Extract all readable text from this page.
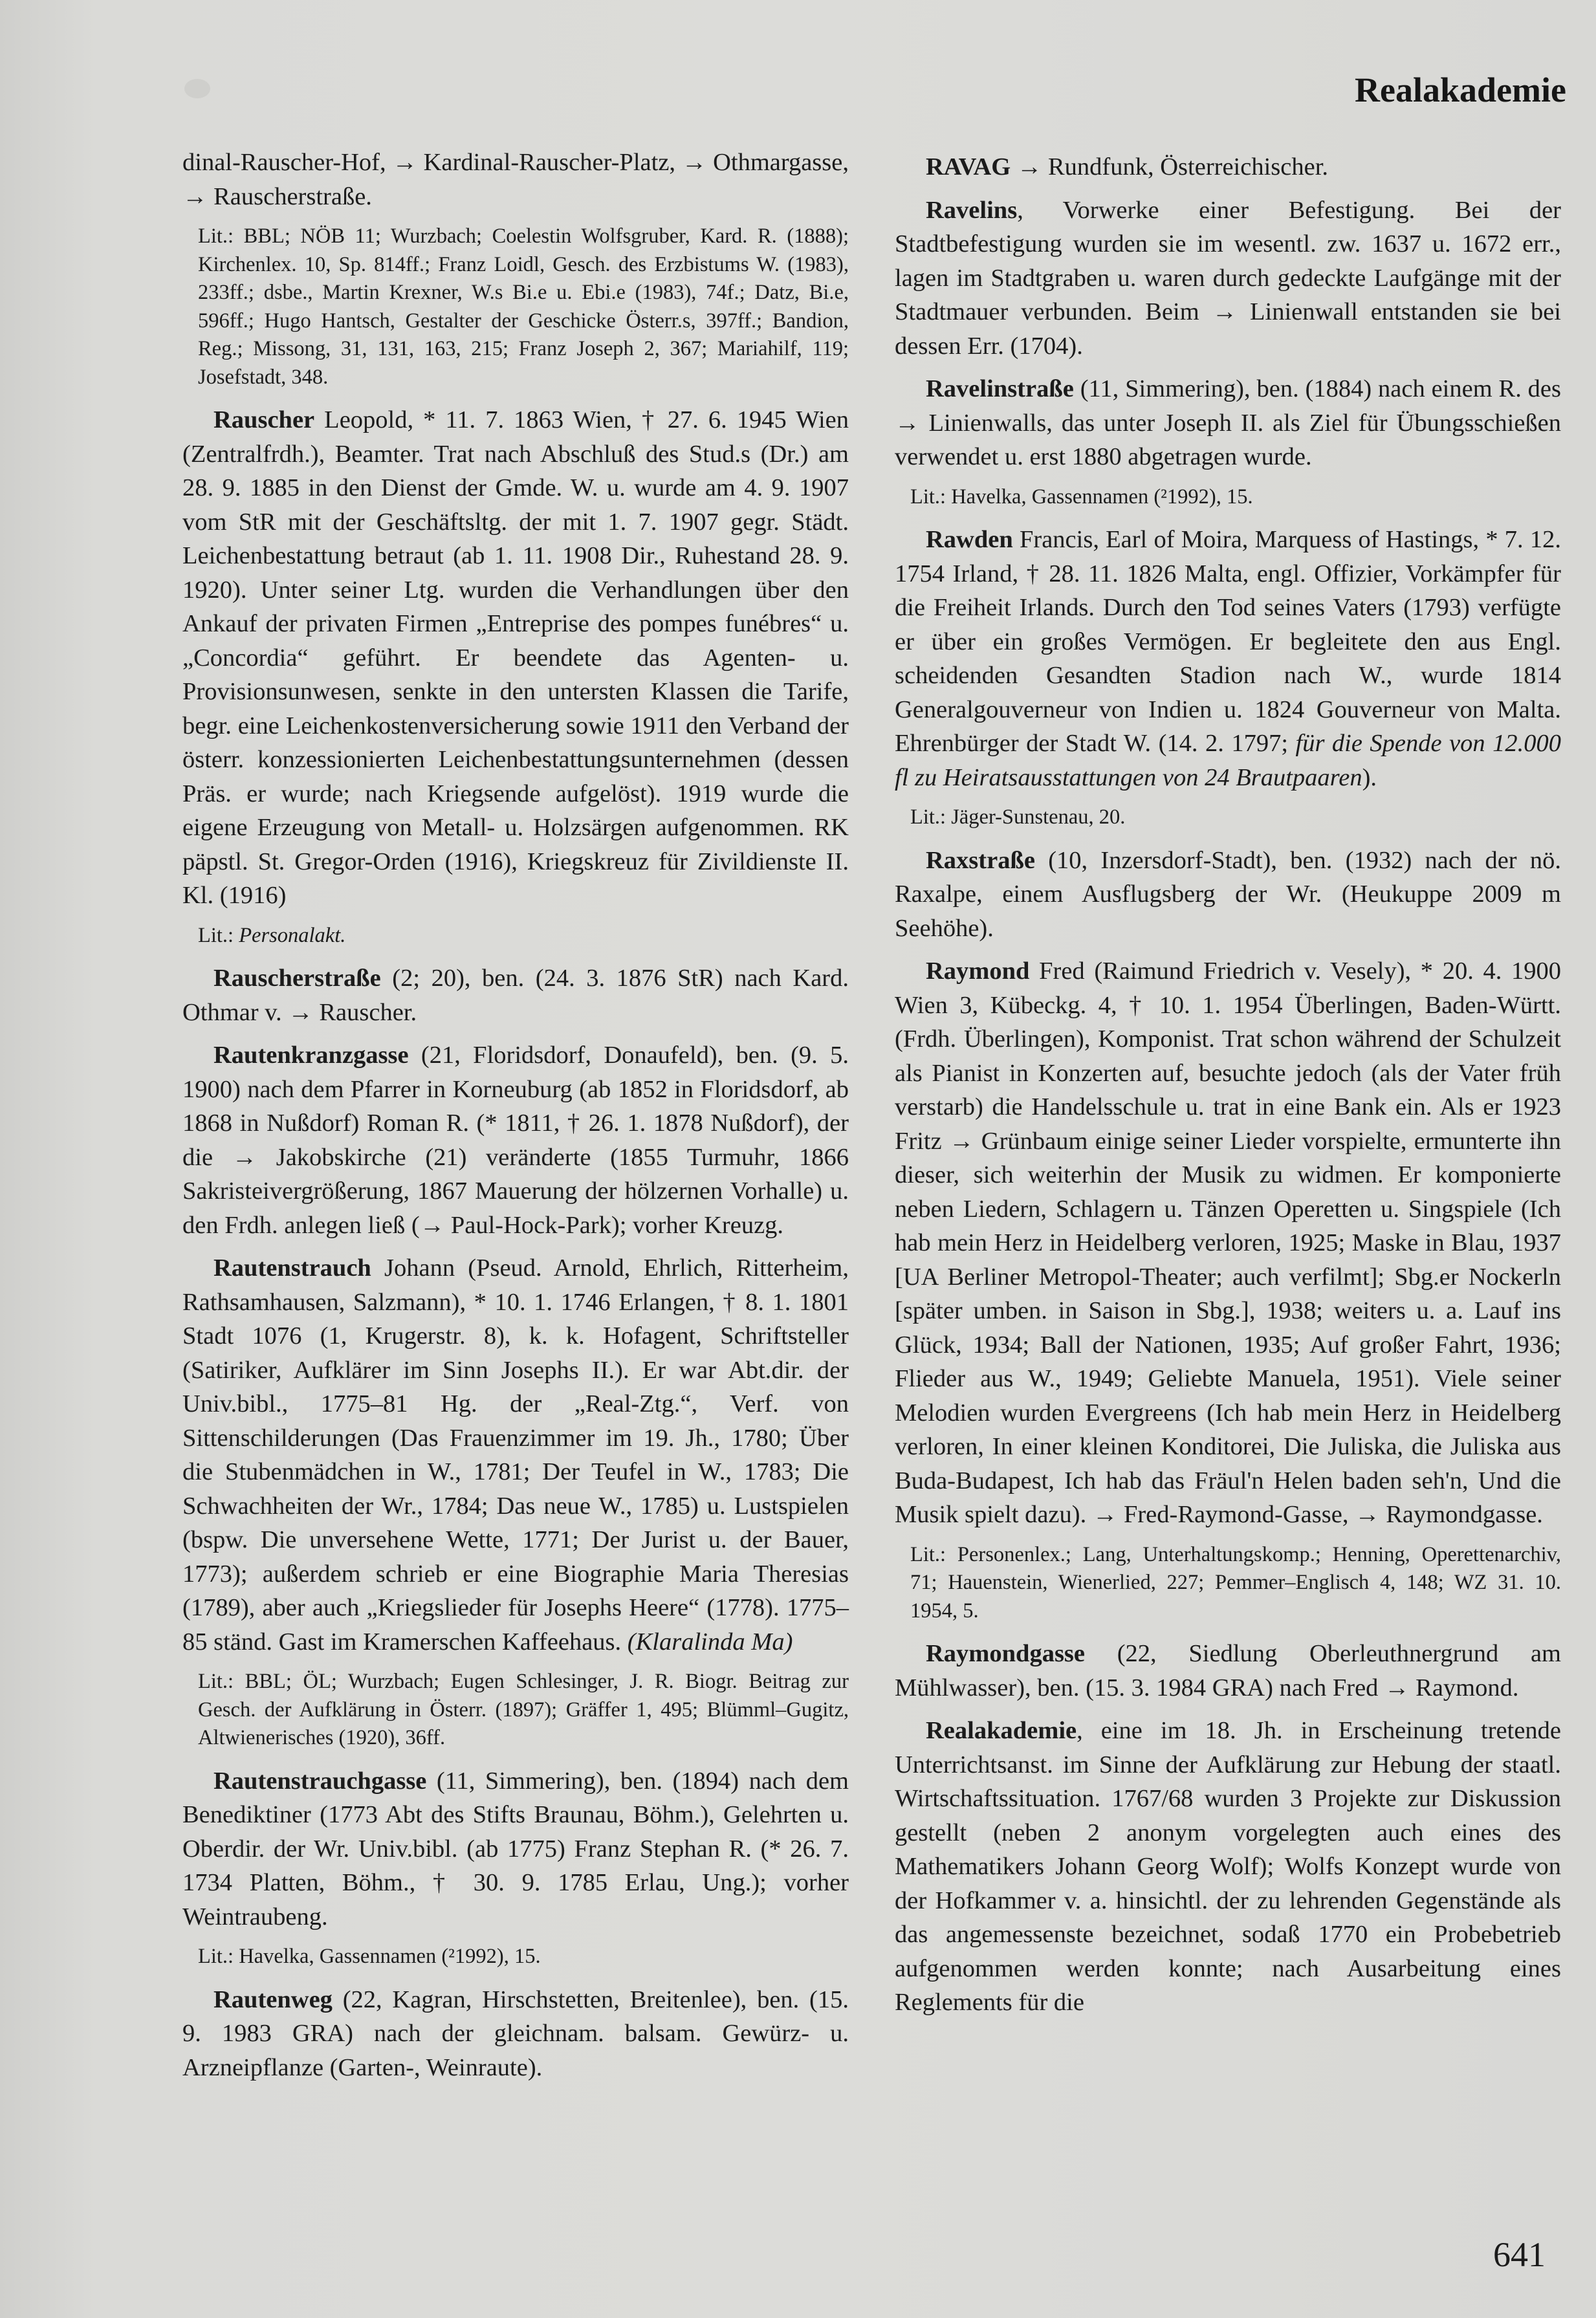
Realakademie

dinal-Rauscher-Hof, → Kardinal-Rauscher-Platz, → Othmargasse, → Rauscherstraße.

Lit.: BBL; NÖB 11; Wurzbach; Coelestin Wolfsgruber, Kard. R. (1888); Kirchenlex. 10, Sp. 814ff.; Franz Loidl, Gesch. des Erzbistums W. (1983), 233ff.; dsbe., Martin Krexner, W.s Bi.e u. Ebi.e (1983), 74f.; Datz, Bi.e, 596ff.; Hugo Hantsch, Gestalter der Geschicke Österr.s, 397ff.; Bandion, Reg.; Missong, 31, 131, 163, 215; Franz Joseph 2, 367; Mariahilf, 119; Josefstadt, 348.

Rauscher Leopold, * 11. 7. 1863 Wien, † 27. 6. 1945 Wien (Zentralfrdh.), Beamter. Trat nach Abschluß des Stud.s (Dr.) am 28. 9. 1885 in den Dienst der Gmde. W. u. wurde am 4. 9. 1907 vom StR mit der Geschäftsltg. der mit 1. 7. 1907 gegr. Städt. Leichenbestattung betraut (ab 1. 11. 1908 Dir., Ruhestand 28. 9. 1920). Unter seiner Ltg. wurden die Verhandlungen über den Ankauf der privaten Firmen „Entreprise des pompes funébres“ u. „Concordia“ geführt. Er beendete das Agenten- u. Provisionsunwesen, senkte in den untersten Klassen die Tarife, begr. eine Leichenkostenversicherung sowie 1911 den Verband der österr. konzessionierten Leichenbestattungsunternehmen (dessen Präs. er wurde; nach Kriegsende aufgelöst). 1919 wurde die eigene Erzeugung von Metall- u. Holzsärgen aufgenommen. RK päpstl. St. Gregor-Orden (1916), Kriegskreuz für Zivildienste II. Kl. (1916)

Lit.: Personalakt.

Rauscherstraße (2; 20), ben. (24. 3. 1876 StR) nach Kard. Othmar v. → Rauscher.

Rautenkranzgasse (21, Floridsdorf, Donaufeld), ben. (9. 5. 1900) nach dem Pfarrer in Korneuburg (ab 1852 in Floridsdorf, ab 1868 in Nußdorf) Roman R. (* 1811, † 26. 1. 1878 Nußdorf), der die → Jakobskirche (21) veränderte (1855 Turmuhr, 1866 Sakristeivergrößerung, 1867 Mauerung der hölzernen Vorhalle) u. den Frdh. anlegen ließ (→ Paul-Hock-Park); vorher Kreuzg.

Rautenstrauch Johann (Pseud. Arnold, Ehrlich, Ritterheim, Rathsamhausen, Salzmann), * 10. 1. 1746 Erlangen, † 8. 1. 1801 Stadt 1076 (1, Krugerstr. 8), k. k. Hofagent, Schriftsteller (Satiriker, Aufklärer im Sinn Josephs II.). Er war Abt.dir. der Univ.bibl., 1775–81 Hg. der „Real-Ztg.“, Verf. von Sittenschilderungen (Das Frauenzimmer im 19. Jh., 1780; Über die Stubenmädchen in W., 1781; Der Teufel in W., 1783; Die Schwachheiten der Wr., 1784; Das neue W., 1785) u. Lustspielen (bspw. Die unversehene Wette, 1771; Der Jurist u. der Bauer, 1773); außerdem schrieb er eine Biographie Maria Theresias (1789), aber auch „Kriegslieder für Josephs Heere“ (1778). 1775–85 ständ. Gast im Kramerschen Kaffeehaus. (Klaralinda Ma)

Lit.: BBL; ÖL; Wurzbach; Eugen Schlesinger, J. R. Biogr. Beitrag zur Gesch. der Aufklärung in Österr. (1897); Gräffer 1, 495; Blümml–Gugitz, Altwienerisches (1920), 36ff.

Rautenstrauchgasse (11, Simmering), ben. (1894) nach dem Benediktiner (1773 Abt des Stifts Braunau, Böhm.), Gelehrten u. Oberdir. der Wr. Univ.bibl. (ab 1775) Franz Stephan R. (* 26. 7. 1734 Platten, Böhm., † 30. 9. 1785 Erlau, Ung.); vorher Weintraubeng.

Lit.: Havelka, Gassennamen (²1992), 15.

Rautenweg (22, Kagran, Hirschstetten, Breitenlee), ben. (15. 9. 1983 GRA) nach der gleichnam. balsam. Gewürz- u. Arzneipflanze (Garten-, Weinraute).

RAVAG → Rundfunk, Österreichischer.

Ravelins, Vorwerke einer Befestigung. Bei der Stadtbefestigung wurden sie im wesentl. zw. 1637 u. 1672 err., lagen im Stadtgraben u. waren durch gedeckte Laufgänge mit der Stadtmauer verbunden. Beim → Linienwall entstanden sie bei dessen Err. (1704).

Ravelinstraße (11, Simmering), ben. (1884) nach einem R. des → Linienwalls, das unter Joseph II. als Ziel für Übungsschießen verwendet u. erst 1880 abgetragen wurde.

Lit.: Havelka, Gassennamen (²1992), 15.

Rawden Francis, Earl of Moira, Marquess of Hastings, * 7. 12. 1754 Irland, † 28. 11. 1826 Malta, engl. Offizier, Vorkämpfer für die Freiheit Irlands. Durch den Tod seines Vaters (1793) verfügte er über ein großes Vermögen. Er begleitete den aus Engl. scheidenden Gesandten Stadion nach W., wurde 1814 Generalgouverneur von Indien u. 1824 Gouverneur von Malta. Ehrenbürger der Stadt W. (14. 2. 1797; für die Spende von 12.000 fl zu Heiratsausstattungen von 24 Brautpaaren).

Lit.: Jäger-Sunstenau, 20.

Raxstraße (10, Inzersdorf-Stadt), ben. (1932) nach der nö. Raxalpe, einem Ausflugsberg der Wr. (Heukuppe 2009 m Seehöhe).

Raymond Fred (Raimund Friedrich v. Vesely), * 20. 4. 1900 Wien 3, Kübeckg. 4, † 10. 1. 1954 Überlingen, Baden-Württ. (Frdh. Überlingen), Komponist. Trat schon während der Schulzeit als Pianist in Konzerten auf, besuchte jedoch (als der Vater früh verstarb) die Handelsschule u. trat in eine Bank ein. Als er 1923 Fritz → Grünbaum einige seiner Lieder vorspielte, ermunterte ihn dieser, sich weiterhin der Musik zu widmen. Er komponierte neben Liedern, Schlagern u. Tänzen Operetten u. Singspiele (Ich hab mein Herz in Heidelberg verloren, 1925; Maske in Blau, 1937 [UA Berliner Metropol-Theater; auch verfilmt]; Sbg.er Nockerln [später umben. in Saison in Sbg.], 1938; weiters u. a. Lauf ins Glück, 1934; Ball der Nationen, 1935; Auf großer Fahrt, 1936; Flieder aus W., 1949; Geliebte Manuela, 1951). Viele seiner Melodien wurden Evergreens (Ich hab mein Herz in Heidelberg verloren, In einer kleinen Konditorei, Die Juliska, die Juliska aus Buda-Budapest, Ich hab das Fräul'n Helen baden seh'n, Und die Musik spielt dazu). → Fred-Raymond-Gasse, → Raymondgasse.

Lit.: Personenlex.; Lang, Unterhaltungskomp.; Henning, Operettenarchiv, 71; Hauenstein, Wienerlied, 227; Pemmer–Englisch 4, 148; WZ 31. 10. 1954, 5.

Raymondgasse (22, Siedlung Oberleuthnergrund am Mühlwasser), ben. (15. 3. 1984 GRA) nach Fred → Raymond.

Realakademie, eine im 18. Jh. in Erscheinung tretende Unterrichtsanst. im Sinne der Aufklärung zur Hebung der staatl. Wirtschaftssituation. 1767/68 wurden 3 Projekte zur Diskussion gestellt (neben 2 anonym vorgelegten auch eines des Mathematikers Johann Georg Wolf); Wolfs Konzept wurde von der Hofkammer v. a. hinsichtl. der zu lehrenden Gegenstände als das angemessenste bezeichnet, sodaß 1770 ein Probebetrieb aufgenommen werden konnte; nach Ausarbeitung eines Reglements für die

641
